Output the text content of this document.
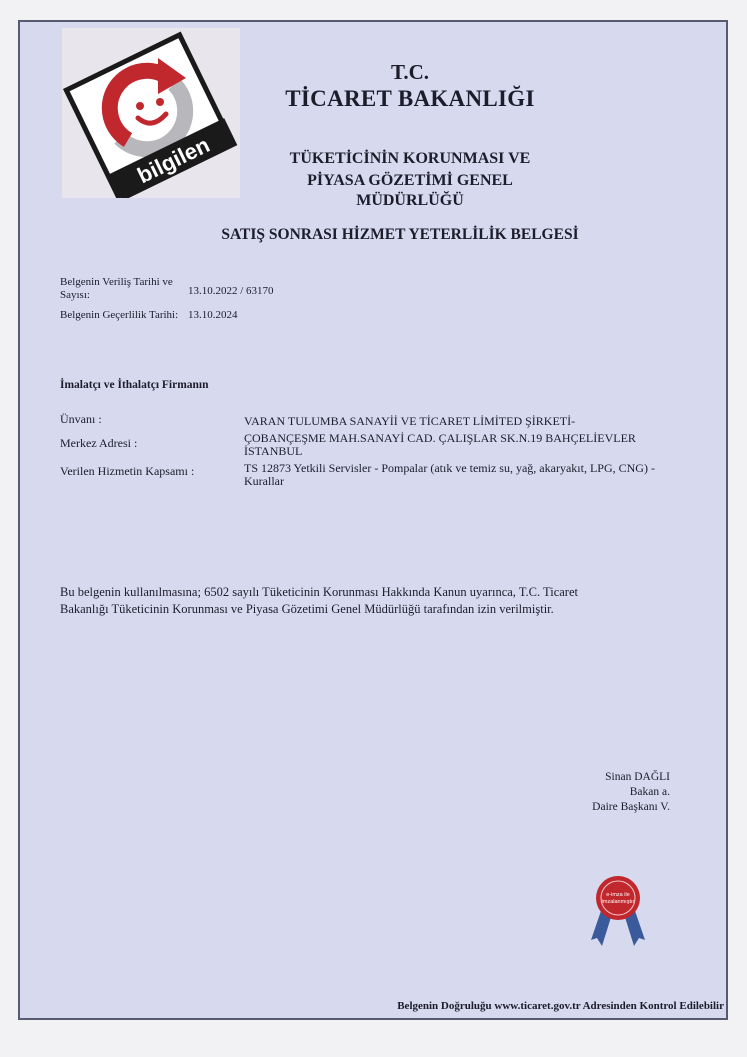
bilgilen
T.C.
TİCARET BAKANLIĞI
TÜKETİCİNİN KORUNMASI VE
PİYASA GÖZETİMİ GENEL
MÜDÜRLÜĞÜ
SATIŞ SONRASI HİZMET YETERLİLİK BELGESİ
Belgenin Veriliş Tarihi ve
Sayısı:	13.10.2022 / 63170
Belgenin Geçerlilik Tarihi: 13.10.2024
İmalatçı ve İthalatçı Firmanın
Ünvanı :	VARAN TULUMBA SANAYİİ VE TİCARET LİMİTED ŞİRKETİ-
Merkez Adresi :	ÇOBANÇEŞME MAH.SANAYİ CAD. ÇALIŞLAR SK.N.19 BAHÇELİEVLER
İSTANBUL
Verilen Hizmetin Kapsamı :	TS 12873 Yetkili Servisler - Pompalar (atık ve temiz su, yağ, akaryakıt, LPG, CNG) -
Kurallar
Bu belgenin kullanılmasına; 6502 sayılı Tüketicinin Korunması Hakkında Kanun uyarınca, T.C. Ticaret
Bakanlığı Tüketicinin Korunması ve Piyasa Gözetimi Genel Müdürlüğü tarafından izin verilmiştir.
Sinan DAĞLI
Bakan a.
Daire Başkanı V.
e-imza ile
imzalanmıştır
Belgenin Doğruluğu www.ticaret.gov.tr Adresinden Kontrol Edilebilir
